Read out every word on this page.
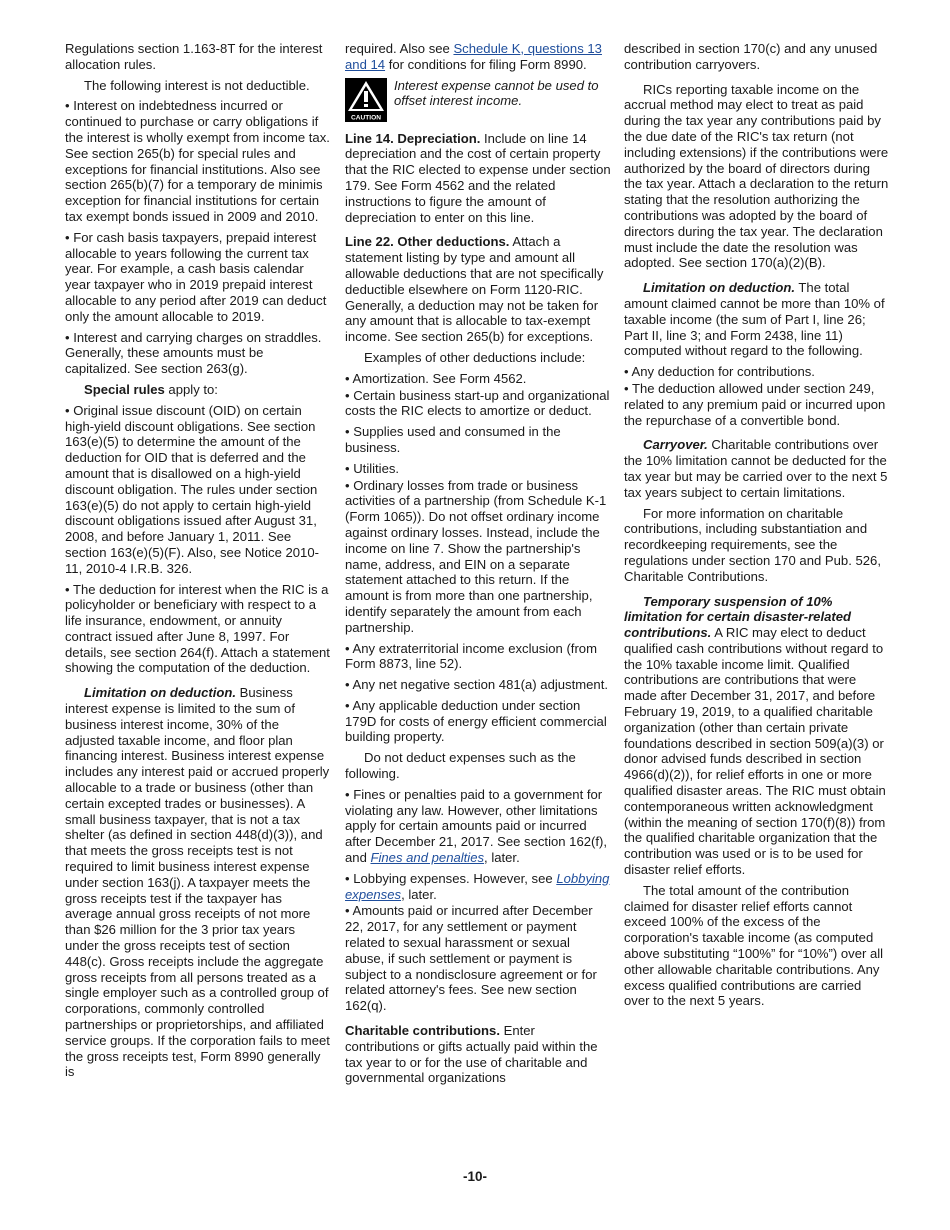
Regulations section 1.163-8T for the interest allocation rules.

The following interest is not deductible.

• Interest on indebtedness incurred or continued to purchase or carry obligations if the interest is wholly exempt from income tax. See section 265(b) for special rules and exceptions for financial institutions. Also see section 265(b)(7) for a temporary de minimis exception for financial institutions for certain tax exempt bonds issued in 2009 and 2010.

• For cash basis taxpayers, prepaid interest allocable to years following the current tax year. For example, a cash basis calendar year taxpayer who in 2019 prepaid interest allocable to any period after 2019 can deduct only the amount allocable to 2019.

• Interest and carrying charges on straddles. Generally, these amounts must be capitalized. See section 263(g).

Special rules apply to:

• Original issue discount (OID) on certain high-yield discount obligations. See section 163(e)(5) to determine the amount of the deduction for OID that is deferred and the amount that is disallowed on a high-yield discount obligation. The rules under section 163(e)(5) do not apply to certain high-yield discount obligations issued after August 31, 2008, and before January 1, 2011. See section 163(e)(5)(F). Also, see Notice 2010-11, 2010-4 I.R.B. 326.

• The deduction for interest when the RIC is a policyholder or beneficiary with respect to a life insurance, endowment, or annuity contract issued after June 8, 1997. For details, see section 264(f). Attach a statement showing the computation of the deduction.

Limitation on deduction. Business interest expense is limited to the sum of business interest income, 30% of the adjusted taxable income, and floor plan financing interest. Business interest expense includes any interest paid or accrued properly allocable to a trade or business (other than certain excepted trades or businesses). A small business taxpayer, that is not a tax shelter (as defined in section 448(d)(3)), and that meets the gross receipts test is not required to limit business interest expense under section 163(j). A taxpayer meets the gross receipts test if the taxpayer has average annual gross receipts of not more than $26 million for the 3 prior tax years under the gross receipts test of section 448(c). Gross receipts include the aggregate gross receipts from all persons treated as a single employer such as a controlled group of corporations, commonly controlled partnerships or proprietorships, and affiliated service groups. If the corporation fails to meet the gross receipts test, Form 8990 generally is

required. Also see Schedule K, questions 13 and 14 for conditions for filing Form 8990.

CAUTION
Interest expense cannot be used to offset interest income.

Line 14. Depreciation. Include on line 14 depreciation and the cost of certain property that the RIC elected to expense under section 179. See Form 4562 and the related instructions to figure the amount of depreciation to enter on this line.

Line 22. Other deductions. Attach a statement listing by type and amount all allowable deductions that are not specifically deductible elsewhere on Form 1120-RIC. Generally, a deduction may not be taken for any amount that is allocable to tax-exempt income. See section 265(b) for exceptions.

Examples of other deductions include:

• Amortization. See Form 4562.

• Certain business start-up and organizational costs the RIC elects to amortize or deduct.

• Supplies used and consumed in the business.

• Utilities.

• Ordinary losses from trade or business activities of a partnership (from Schedule K-1 (Form 1065)). Do not offset ordinary income against ordinary losses. Instead, include the income on line 7. Show the partnership's name, address, and EIN on a separate statement attached to this return. If the amount is from more than one partnership, identify separately the amount from each partnership.

• Any extraterritorial income exclusion (from Form 8873, line 52).

• Any net negative section 481(a) adjustment.

• Any applicable deduction under section 179D for costs of energy efficient commercial building property.

Do not deduct expenses such as the following.

• Fines or penalties paid to a government for violating any law. However, other limitations apply for certain amounts paid or incurred after December 21, 2017. See section 162(f), and Fines and penalties, later.

• Lobbying expenses. However, see Lobbying expenses, later.

• Amounts paid or incurred after December 22, 2017, for any settlement or payment related to sexual harassment or sexual abuse, if such settlement or payment is subject to a nondisclosure agreement or for related attorney's fees. See new section 162(q).

Charitable contributions. Enter contributions or gifts actually paid within the tax year to or for the use of charitable and governmental organizations

described in section 170(c) and any unused contribution carryovers.

RICs reporting taxable income on the accrual method may elect to treat as paid during the tax year any contributions paid by the due date of the RIC's tax return (not including extensions) if the contributions were authorized by the board of directors during the tax year. Attach a declaration to the return stating that the resolution authorizing the contributions was adopted by the board of directors during the tax year. The declaration must include the date the resolution was adopted. See section 170(a)(2)(B).

Limitation on deduction. The total amount claimed cannot be more than 10% of taxable income (the sum of Part I, line 26; Part II, line 3; and Form 2438, line 11) computed without regard to the following.

• Any deduction for contributions.

• The deduction allowed under section 249, related to any premium paid or incurred upon the repurchase of a convertible bond.

Carryover. Charitable contributions over the 10% limitation cannot be deducted for the tax year but may be carried over to the next 5 tax years subject to certain limitations.

For more information on charitable contributions, including substantiation and recordkeeping requirements, see the regulations under section 170 and Pub. 526, Charitable Contributions.

Temporary suspension of 10% limitation for certain disaster-related contributions. A RIC may elect to deduct qualified cash contributions without regard to the 10% taxable income limit. Qualified contributions are contributions that were made after December 31, 2017, and before February 19, 2019, to a qualified charitable organization (other than certain private foundations described in section 509(a)(3) or donor advised funds described in section 4966(d)(2)), for relief efforts in one or more qualified disaster areas. The RIC must obtain contemporaneous written acknowledgment (within the meaning of section 170(f)(8)) from the qualified charitable organization that the contribution was used or is to be used for disaster relief efforts.

The total amount of the contribution claimed for disaster relief efforts cannot exceed 100% of the excess of the corporation's taxable income (as computed above substituting “100%” for “10%”) over all other allowable charitable contributions. Any excess qualified contributions are carried over to the next 5 years.

-10-
